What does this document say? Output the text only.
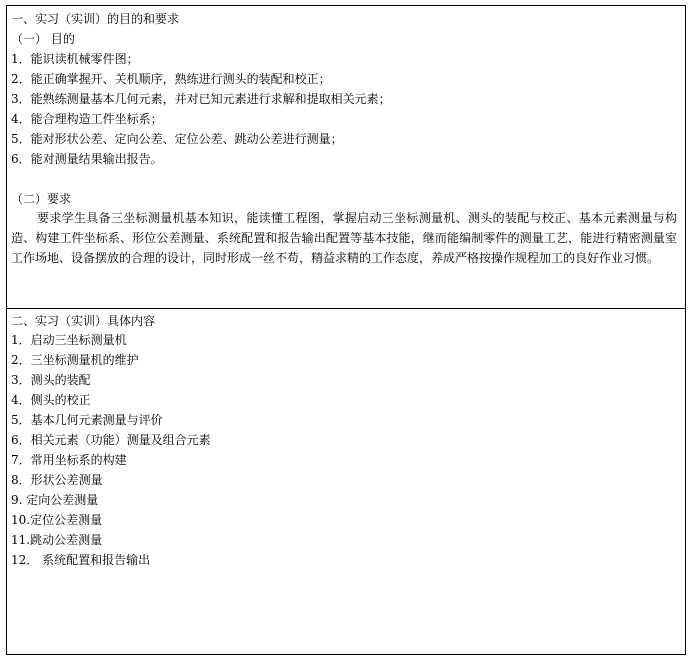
一、实习（实训）的目的和要求
（一） 目的
1．能识读机械零件图；
2．能正确掌握开、关机顺序，熟练进行测头的装配和校正；
3．能熟练测量基本几何元素，并对已知元素进行求解和提取相关元素；
4．能合理构造工件坐标系；
5．能对形状公差、定向公差、定位公差、跳动公差进行测量；
6．能对测量结果输出报告。
（二）要求
要求学生具备三坐标测量机基本知识，能读懂工程图，掌握启动三坐标测量机、测头的装配与校正、基本元素测量与构造、构建工件坐标系、形位公差测量、系统配置和报告输出配置等基本技能，继而能编制零件的测量工艺，能进行精密测量室工作场地、设备摆放的合理的设计，同时形成一丝不苟，精益求精的工作态度，养成严格按操作规程加工的良好作业习惯。
二、实习（实训）具体内容
1．启动三坐标测量机
2．三坐标测量机的维护
3．测头的装配
4．侧头的校正
5．基本几何元素测量与评价
6．相关元素（功能）测量及组合元素
7．常用坐标系的构建
8．形状公差测量
9. 定向公差测量
10.定位公差测量
11.跳动公差测量
12． 系统配置和报告输出
